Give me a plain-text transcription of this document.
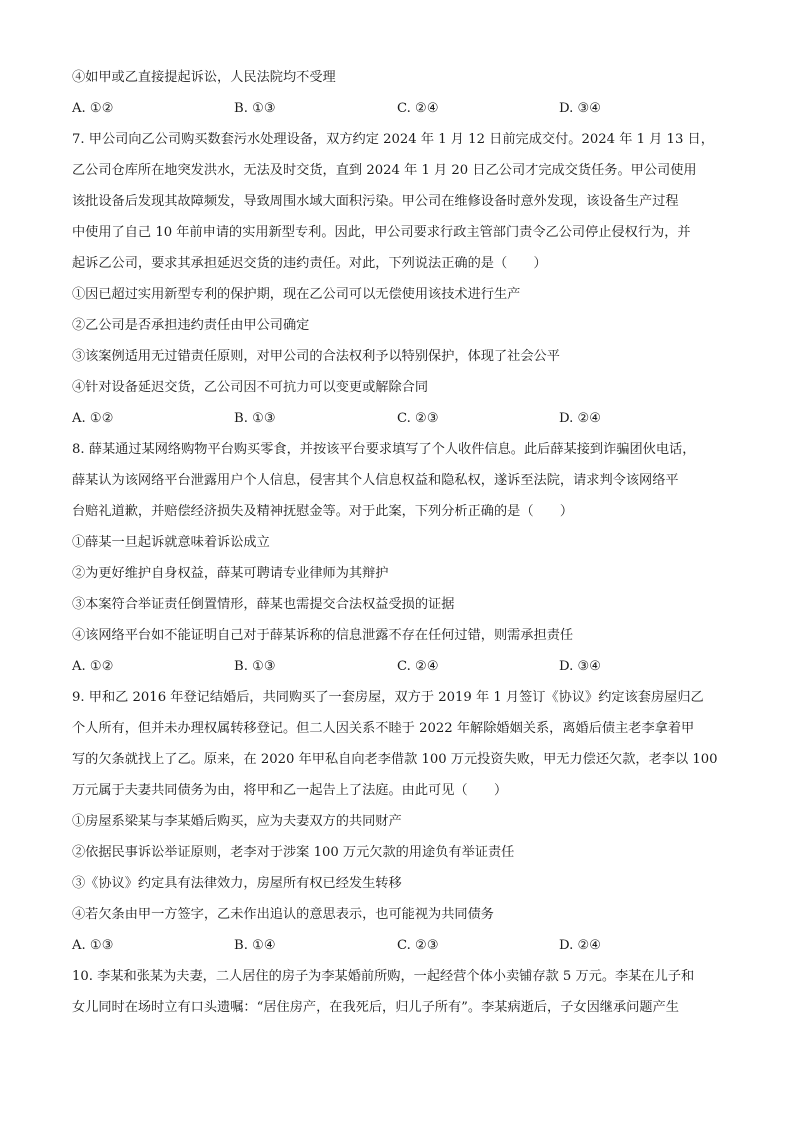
④如甲或乙直接提起诉讼，人民法院均不受理
A. ①②	B. ①③	C. ②④	D. ③④
7. 甲公司向乙公司购买数套污水处理设备，双方约定 2024 年 1 月 12 日前完成交付。2024 年 1 月 13 日，
乙公司仓库所在地突发洪水，无法及时交货，直到 2024 年 1 月 20 日乙公司才完成交货任务。甲公司使用
该批设备后发现其故障频发，导致周围水域大面积污染。甲公司在维修设备时意外发现，该设备生产过程
中使用了自己 10 年前申请的实用新型专利。因此，甲公司要求行政主管部门责令乙公司停止侵权行为，并
起诉乙公司，要求其承担延迟交货的违约责任。对此，下列说法正确的是（　　）
①因已超过实用新型专利的保护期，现在乙公司可以无偿使用该技术进行生产
②乙公司是否承担违约责任由甲公司确定
③该案例适用无过错责任原则，对甲公司的合法权利予以特别保护，体现了社会公平
④针对设备延迟交货，乙公司因不可抗力可以变更或解除合同
A. ①②	B. ①③	C. ②③	D. ②④
8. 薛某通过某网络购物平台购买零食，并按该平台要求填写了个人收件信息。此后薛某接到诈骗团伙电话，
薛某认为该网络平台泄露用户个人信息，侵害其个人信息权益和隐私权，遂诉至法院，请求判令该网络平
台赔礼道歉，并赔偿经济损失及精神抚慰金等。对于此案，下列分析正确的是（　　）
①薛某一旦起诉就意味着诉讼成立
②为更好维护自身权益，薛某可聘请专业律师为其辩护
③本案符合举证责任倒置情形，薛某也需提交合法权益受损的证据
④该网络平台如不能证明自己对于薛某诉称的信息泄露不存在任何过错，则需承担责任
A. ①②	B. ①③	C. ②④	D. ③④
9. 甲和乙 2016 年登记结婚后，共同购买了一套房屋，双方于 2019 年 1 月签订《协议》约定该套房屋归乙
个人所有，但并未办理权属转移登记。但二人因关系不睦于 2022 年解除婚姻关系，离婚后债主老李拿着甲
写的欠条就找上了乙。原来，在 2020 年甲私自向老李借款 100 万元投资失败，甲无力偿还欠款，老李以 100
万元属于夫妻共同债务为由，将甲和乙一起告上了法庭。由此可见（　　）
①房屋系梁某与李某婚后购买，应为夫妻双方的共同财产
②依据民事诉讼举证原则，老李对于涉案 100 万元欠款的用途负有举证责任
③《协议》约定具有法律效力，房屋所有权已经发生转移
④若欠条由甲一方签字，乙未作出追认的意思表示，也可能视为共同债务
A. ①③	B. ①④	C. ②③	D. ②④
10. 李某和张某为夫妻，二人居住的房子为李某婚前所购，一起经营个体小卖铺存款 5 万元。李某在儿子和
女儿同时在场时立有口头遗嘱：“居住房产，在我死后，归儿子所有”。李某病逝后，子女因继承问题产生
